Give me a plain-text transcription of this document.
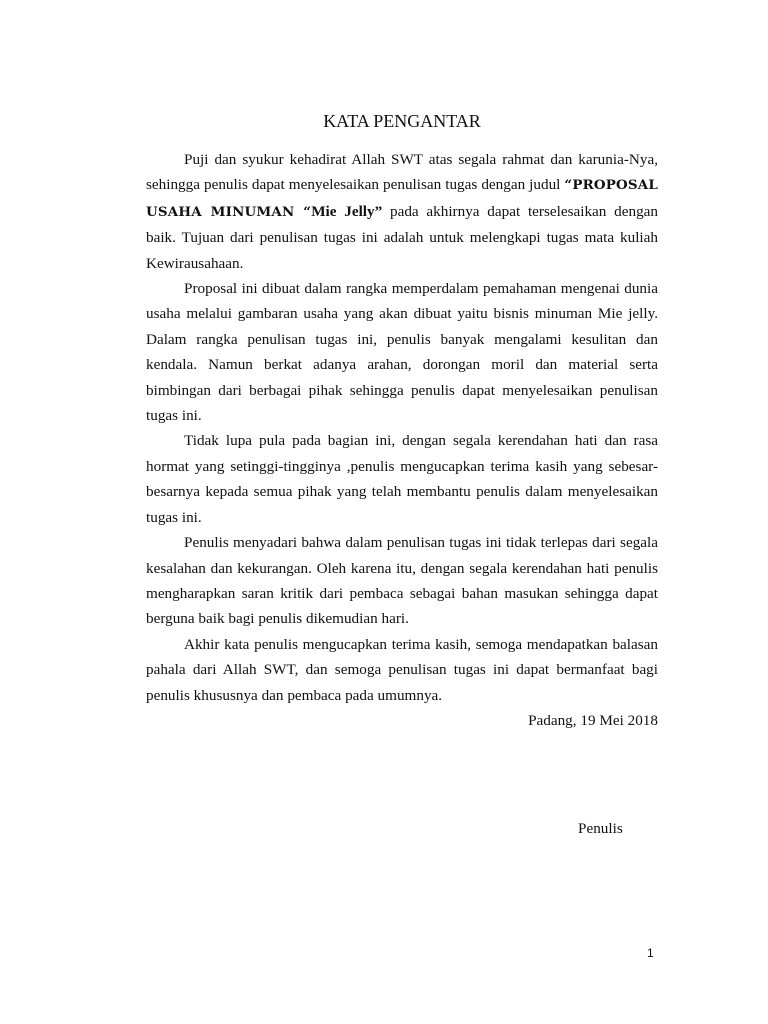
KATA PENGANTAR

Puji dan syukur kehadirat Allah SWT atas segala rahmat dan karunia-Nya, sehingga penulis dapat menyelesaikan penulisan tugas dengan judul “PROPOSAL USAHA MINUMAN “Mie Jelly” pada akhirnya dapat terselesaikan dengan baik. Tujuan dari penulisan tugas ini adalah untuk melengkapi tugas mata kuliah Kewirausahaan.

Proposal ini dibuat dalam rangka memperdalam pemahaman mengenai dunia usaha melalui gambaran usaha yang akan dibuat yaitu bisnis minuman Mie jelly. Dalam rangka penulisan tugas ini, penulis banyak mengalami kesulitan dan kendala. Namun berkat adanya arahan, dorongan moril dan material serta bimbingan dari berbagai pihak sehingga penulis dapat menyelesaikan penulisan tugas ini.

Tidak lupa pula pada bagian ini, dengan segala kerendahan hati dan rasa hormat yang setinggi-tingginya ,penulis mengucapkan terima kasih yang sebesar-besarnya kepada semua pihak yang telah membantu penulis dalam menyelesaikan tugas ini.

Penulis menyadari bahwa dalam penulisan tugas ini tidak terlepas dari segala kesalahan dan kekurangan. Oleh karena itu, dengan segala kerendahan hati penulis mengharapkan saran kritik dari pembaca sebagai bahan masukan sehingga dapat berguna baik bagi penulis dikemudian hari.

Akhir kata penulis mengucapkan terima kasih, semoga mendapatkan balasan pahala dari Allah SWT, dan semoga penulisan tugas ini dapat bermanfaat bagi penulis khususnya dan pembaca pada umumnya.

Padang, 19 Mei 2018

Penulis
1
